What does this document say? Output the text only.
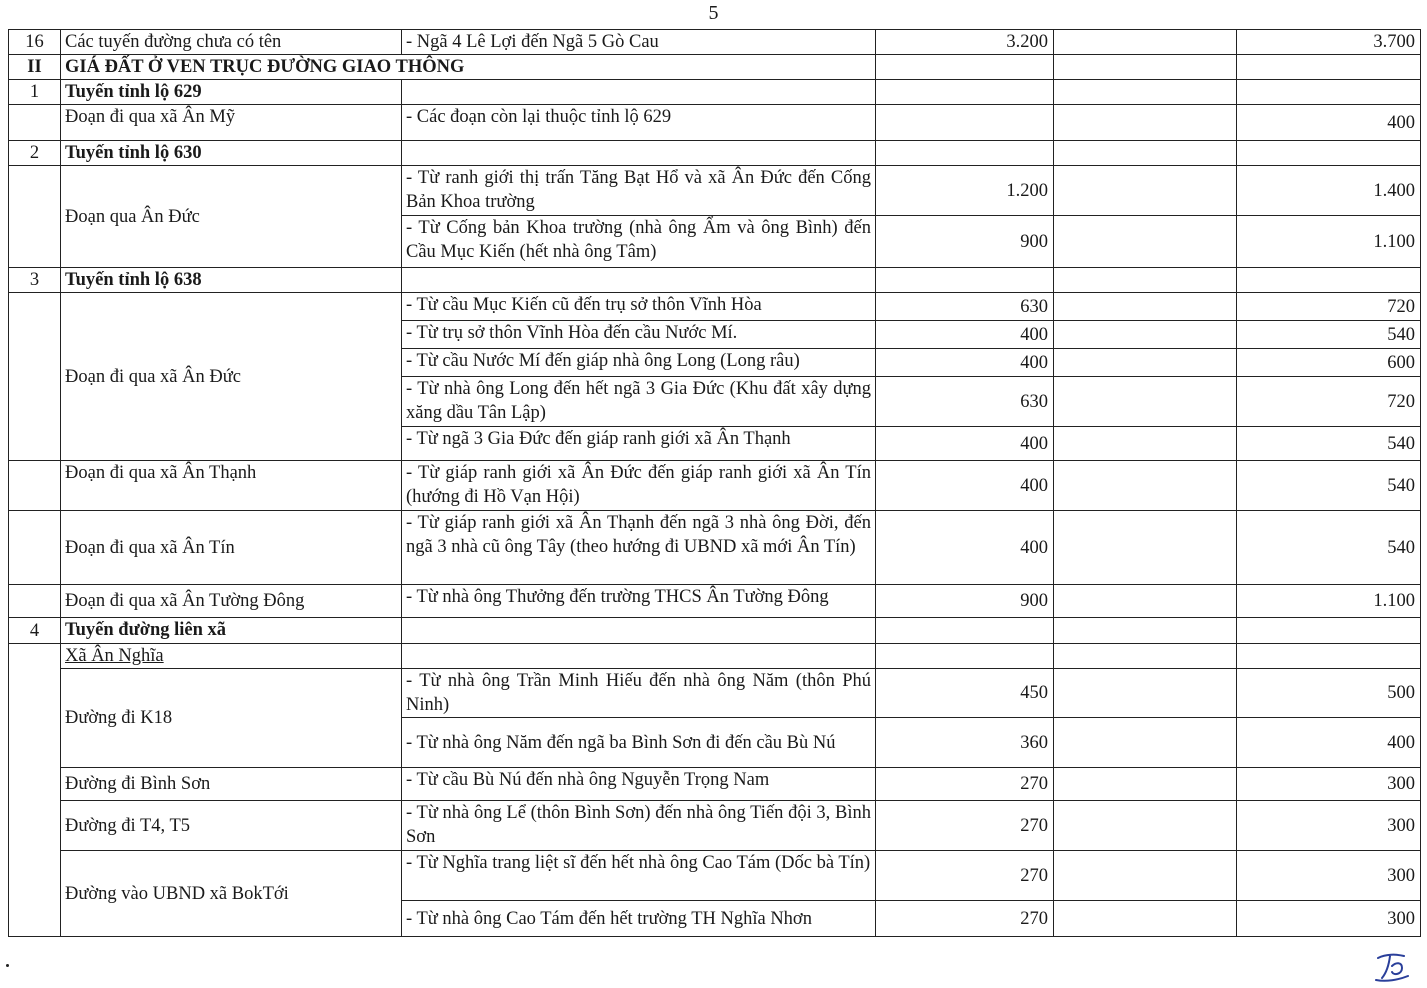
5
16	Các tuyến đường chưa có tên	- Ngã 4 Lê Lợi đến Ngã 5 Gò Cau	3.200		3.700
II	GIÁ ĐẤT Ở VEN TRỤC ĐƯỜNG GIAO THÔNG				
1	Tuyến tỉnh lộ 629				
	Đoạn đi qua xã Ân Mỹ	- Các đoạn còn lại thuộc tỉnh lộ 629			400
2	Tuyến tỉnh lộ 630				
	Đoạn qua Ân Đức	- Từ ranh giới thị trấn Tăng Bạt Hổ và xã Ân Đức đến Cống Bản Khoa trường	1.200		1.400
		- Từ Cống bản Khoa trường (nhà ông Ẩm và ông Bình) đến Cầu Mục Kiến (hết nhà ông Tâm)	900		1.100
3	Tuyến tỉnh lộ 638				
	Đoạn đi qua xã Ân Đức	- Từ cầu Mục Kiến cũ đến trụ sở thôn Vĩnh Hòa	630		720
		- Từ trụ sở thôn Vĩnh Hòa đến cầu Nước Mí.	400		540
		- Từ cầu Nước Mí đến giáp nhà ông Long (Long râu)	400		600
		- Từ nhà ông Long đến hết ngã 3 Gia Đức (Khu đất xây dựng xăng dầu Tân Lập)	630		720
		- Từ ngã 3 Gia Đức đến giáp ranh giới xã Ân Thạnh	400		540
	Đoạn đi qua xã Ân Thạnh	- Từ giáp ranh giới xã Ân Đức đến giáp ranh giới xã Ân Tín (hướng đi Hồ Vạn Hội)	400		540
	Đoạn đi qua xã Ân Tín	- Từ giáp ranh giới xã Ân Thạnh đến ngã 3 nhà ông Đời, đến ngã 3 nhà cũ ông Tây (theo hướng đi UBND xã mới Ân Tín)	400		540
	Đoạn đi qua xã Ân Tường Đông	- Từ nhà ông Thưởng đến trường THCS Ân Tường Đông	900		1.100
4	Tuyến đường liên xã				
	Xã Ân Nghĩa				
	Đường đi K18	- Từ nhà ông Trần Minh Hiếu đến nhà ông Năm (thôn Phú Ninh)	450		500
		- Từ nhà ông Năm đến ngã ba Bình Sơn đi đến cầu Bù Nú	360		400
	Đường đi Bình Sơn	- Từ cầu Bù Nú đến nhà ông Nguyễn Trọng Nam	270		300
	Đường đi T4, T5	- Từ nhà ông Lể (thôn Bình Sơn) đến nhà ông Tiến đội 3, Bình Sơn	270		300
	Đường vào UBND xã BokTới	- Từ Nghĩa trang liệt sĩ đến hết nhà ông Cao Tám (Dốc bà Tín)	270		300
		- Từ nhà ông Cao Tám đến hết trường TH Nghĩa Nhơn	270		300
